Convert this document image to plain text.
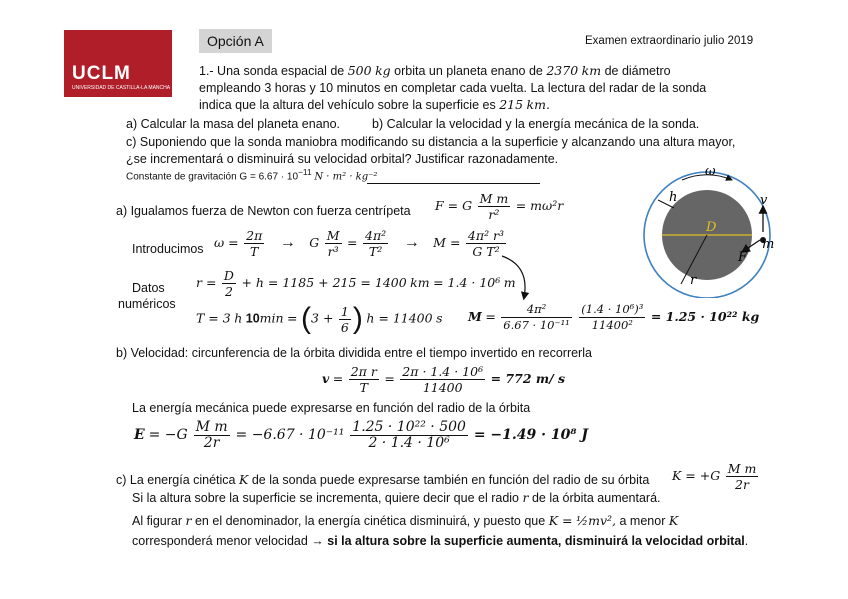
UCLM
UNIVERSIDAD DE CASTILLA-LA MANCHA
Opción A	Examen extraordinario julio 2019
1.- Una sonda espacial de 500 kg orbita un planeta enano de 2370 km de diámetro
empleando 3 horas y 10 minutos en completar cada vuelta. La lectura del radar de la sonda
indica que la altura del vehículo sobre la superficie es 215 km.
a) Calcular la masa del planeta enano.	b) Calcular la velocidad y la energía mecánica de la sonda.
c) Suponiendo que la sonda maniobra modificando su distancia a la superficie y alcanzando una altura mayor,
¿se incrementará o disminuirá su velocidad orbital? Justificar razonadamente.
Constante de gravitación $G = 6.67 \cdot 10^{-11}$ N · m² · kg⁻²	ω
h	v
D
m
F
r
a) Igualamos fuerza de Newton con fuerza centrípeta F = G $\frac{\text{M m}}{\text{r²}} = m\omega^2r$
Introducimos $\omega = \frac{2\pi}{T} \to G \frac{M}{\text{r³}} = \frac{\text{4π²}}{\text{T²}} \to M = \frac{\text{4π² r³}}{\text{G T²}}$
Datos
numéricos
$r = \frac{D}{2} + h = 1185 + 215 = 1400$ km = 1.4 · 10⁶ m
T = 3 h $10\min = (3 + \frac{1}{6}$ ) h = 11400 s $M = \frac{\text{4π²}}{\text{6.67 · 10⁻¹¹}}$
$\frac{\text{(1.4 · 10⁶)³}}{\text{11400²}} = 1.25 \cdot 10^{22}$ kg
b) Velocidad: circunferencia de la órbita dividida entre el tiempo invertido en recorrerla
$v = \frac{\text{2π r}}{T} = \frac{\text{2π · 1.4 · 10⁶}}{11400} = 772$ m/ s
La energía mecánica puede expresarse en función del radio de la órbita
$E = -G \frac{\text{M m}}{2r} = -6.67 \cdot 10^{-11} \frac{\text{1.25 · 10²² · 500}}{\text{2 · 1.4 · 10⁶}} = -1.49 \cdot 10^8$ J
c) La energía cinética K de la sonda puede expresarse también en función del radio de su órbita $K = +G \frac{\text{M m}}{2r}$
Si la altura sobre la superficie se incrementa, quiere decir que el radio r de la órbita aumentará.
Al figurar r en el denominador, la energía cinética disminuirá, y puesto que K = ½mv², a menor K
corresponderá menor velocidad → si la altura sobre la superficie aumenta, disminuirá la velocidad orbital.
